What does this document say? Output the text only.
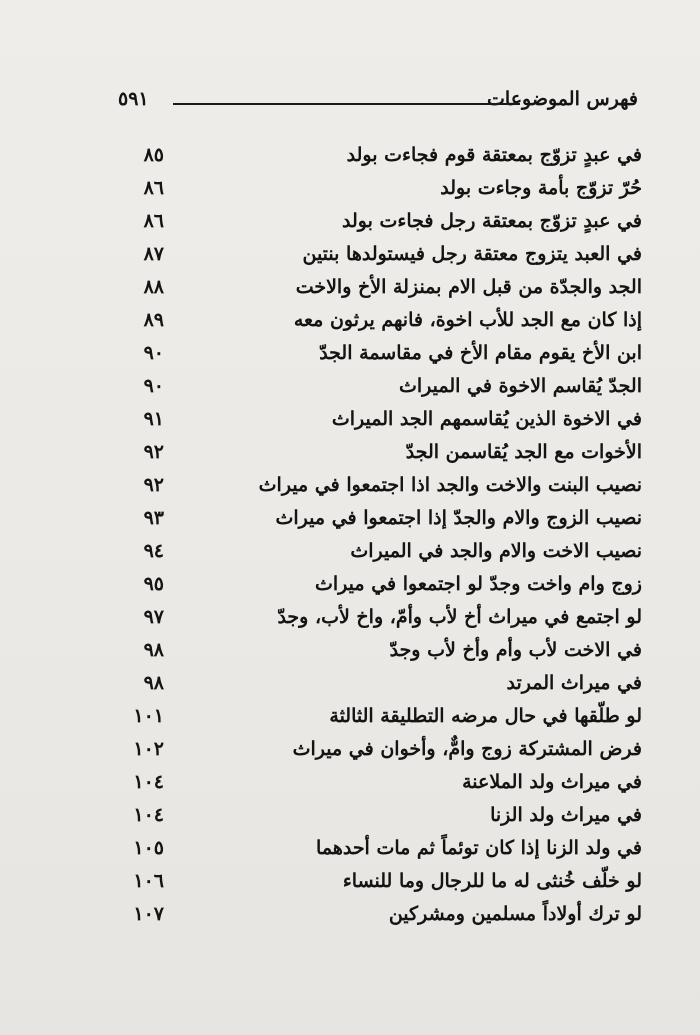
فهرس الموضوعات
٥٩١
في عبدٍ تزوّج بمعتقة قوم فجاءت بولد
٨٥
حُرّ تزوّج بأمة وجاءت بولد
٨٦
في عبدٍ تزوّج بمعتقة رجل فجاءت بولد
٨٦
في العبد يتزوج معتقة رجل فيستولدها بنتين
٨٧
الجد والجدّة من قبل الام بمنزلة الأخ والاخت
٨٨
إذا كان مع الجد للأب اخوة، فانهم يرثون معه
٨٩
ابن الأخ يقوم مقام الأخ في مقاسمة الجدّ
٩٠
الجدّ يُقاسم الاخوة في الميراث
٩٠
في الاخوة الذين يُقاسمهم الجد الميراث
٩١
الأخوات مع الجد يُقاسمن الجدّ
٩٢
نصيب البنت والاخت والجد اذا اجتمعوا في ميراث
٩٢
نصيب الزوج والام والجدّ إذا اجتمعوا في ميراث
٩٣
نصيب الاخت والام والجد في الميراث
٩٤
زوج وام واخت وجدّ لو اجتمعوا في ميراث
٩٥
لو اجتمع في ميراث أخ لأب وأمّ، واخ لأب، وجدّ
٩٧
في الاخت لأب وأم وأخ لأب وجدّ
٩٨
في ميراث المرتد
٩٨
لو طلّقها في حال مرضه التطليقة الثالثة
١٠١
فرض المشتركة زوج وامٌّ، وأخوان في ميراث
١٠٢
في ميراث ولد الملاعنة
١٠٤
في ميراث ولد الزنا
١٠٤
في ولد الزنا إذا كان توئماً ثم مات أحدهما
١٠٥
لو خلّف خُنثى له ما للرجال وما للنساء
١٠٦
لو ترك أولاداً مسلمين ومشركين
١٠٧
